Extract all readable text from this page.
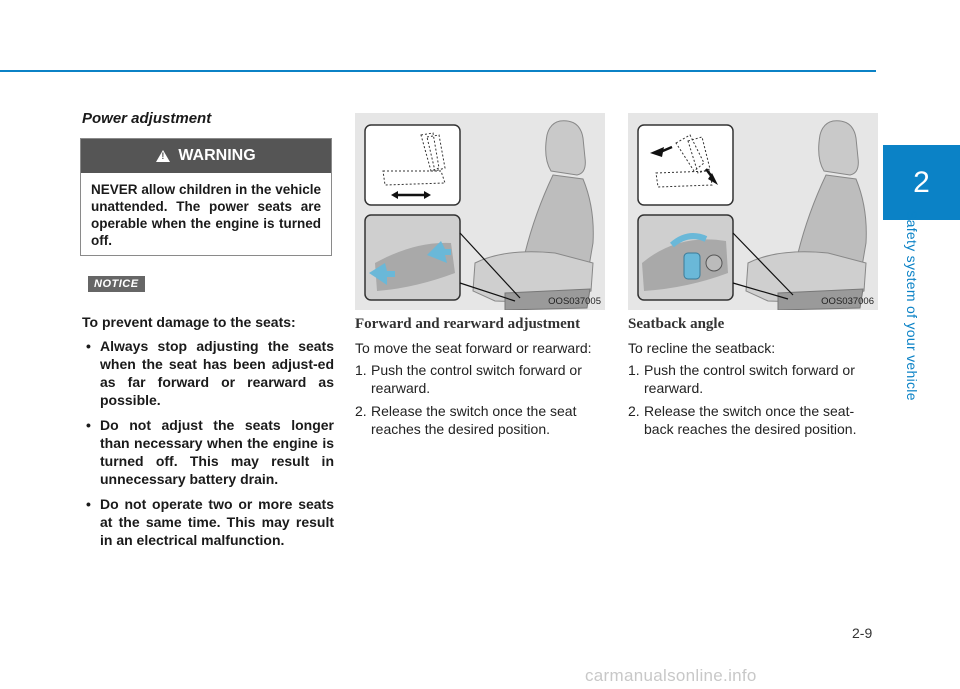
2
Safety system of your vehicle
Power adjustment
!
WARNING
NEVER allow children in the vehicle unattended. The power seats are operable when the engine is turned off.
NOTICE

To prevent damage to the seats:

• Always stop adjusting the seats when the seat has been adjust-ed as far forward or rearward as possible.
• Do not adjust the seats longer than necessary when the engine is turned off. This may result in unnecessary battery drain.
• Do not operate two or more seats at the same time. This may result in an electrical malfunction.
OOS037005	OOS037006
Forward and rearward adjustment

To move the seat forward or rearward:

1. Push the control switch forward or rearward.
2. Release the switch once the seat reaches the desired position.
Seatback angle

To recline the seatback:

1. Push the control switch forward or rearward.
2. Release the switch once the seat-back reaches the desired position.
2-9
carmanualsonline.info
